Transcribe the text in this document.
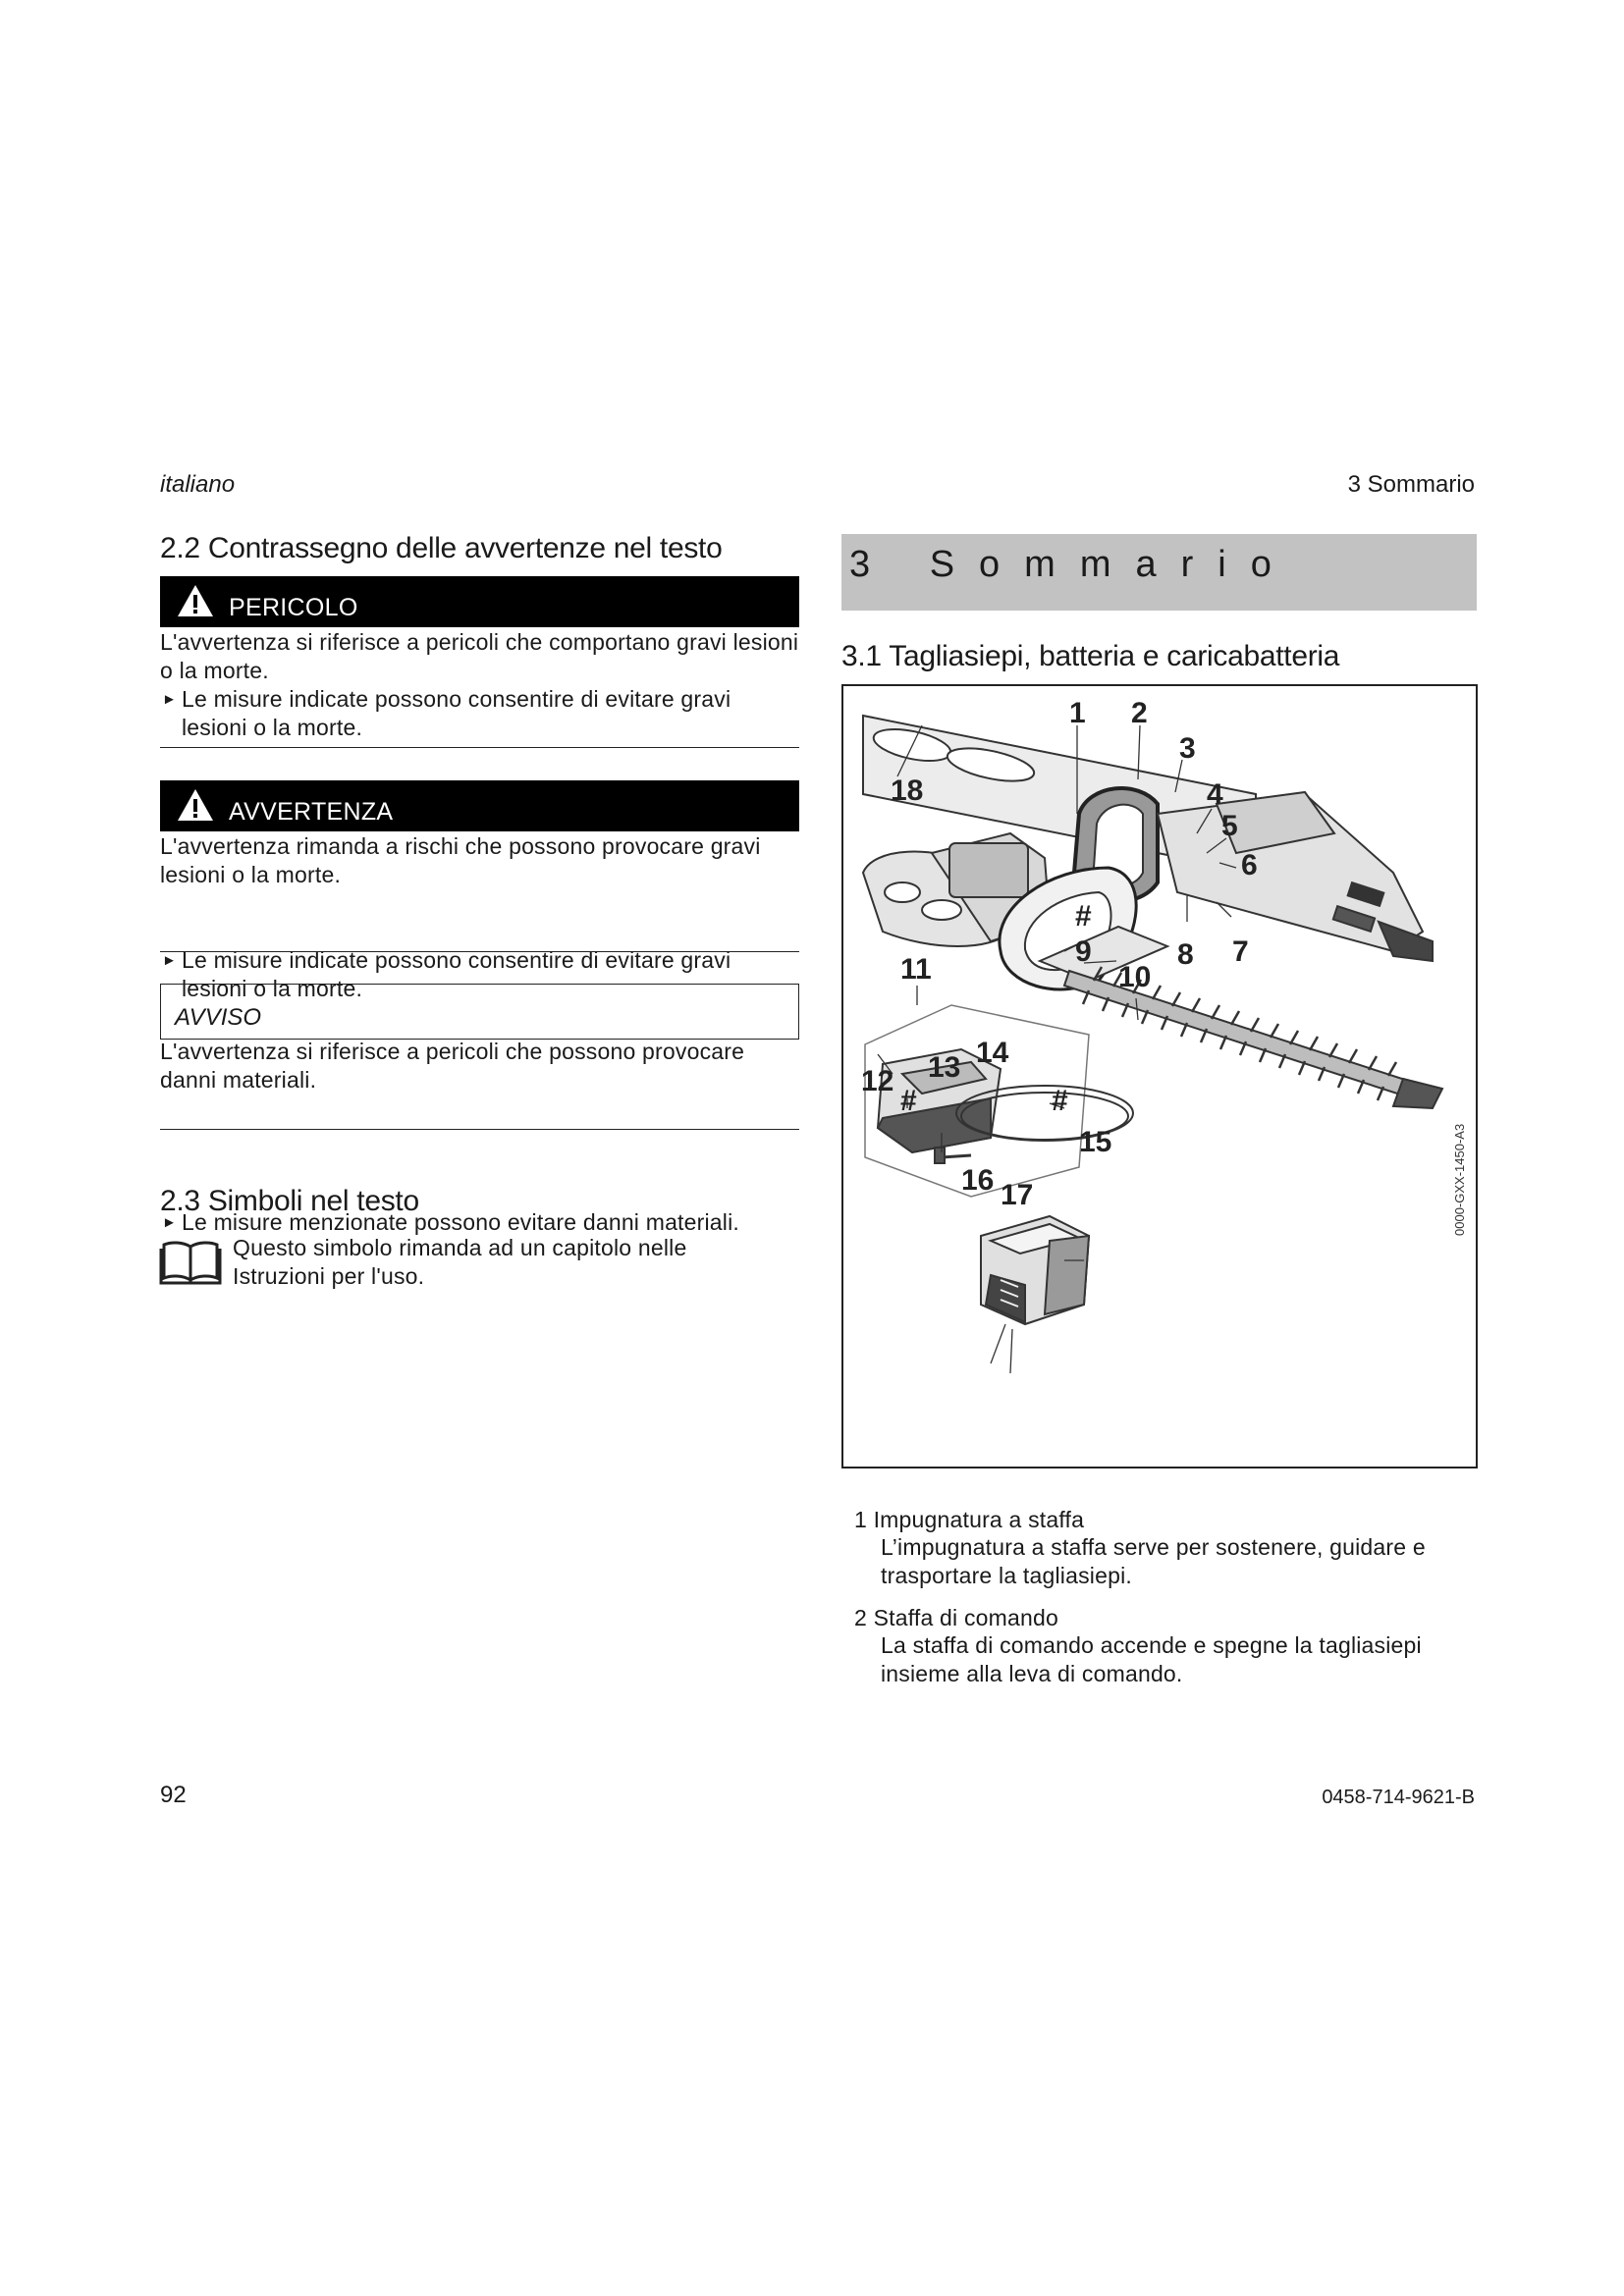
italiano	3 Sommario
2.2 Contrassegno delle avvertenze nel testo
PERICOLO
L'avvertenza si riferisce a pericoli che comportano gravi lesioni o la morte.
► Le misure indicate possono consentire di evitare gravi lesioni o la morte.
AVVERTENZA
L'avvertenza rimanda a rischi che possono provocare gravi lesioni o la morte.
► Le misure indicate possono consentire di evitare gravi lesioni o la morte.
AVVISO
L'avvertenza si riferisce a pericoli che possono provocare danni materiali.
► Le misure menzionate possono evitare danni materiali.
2.3 Simboli nel testo
Questo simbolo rimanda ad un capitolo nelle Istruzioni per l'uso.
3 Sommario
3.1 Tagliasiepi, batteria e caricabatteria
1 2
3
4
5
6
7
8
9
10
11
12 13 14
15
16 17
18
#
#	#
0000-GXX-1450-A3
1 Impugnatura a staffa
L’impugnatura a staffa serve per sostenere, guidare e trasportare la tagliasiepi.
2 Staffa di comando
La staffa di comando accende e spegne la tagliasiepi insieme alla leva di comando.
92	0458-714-9621-B
